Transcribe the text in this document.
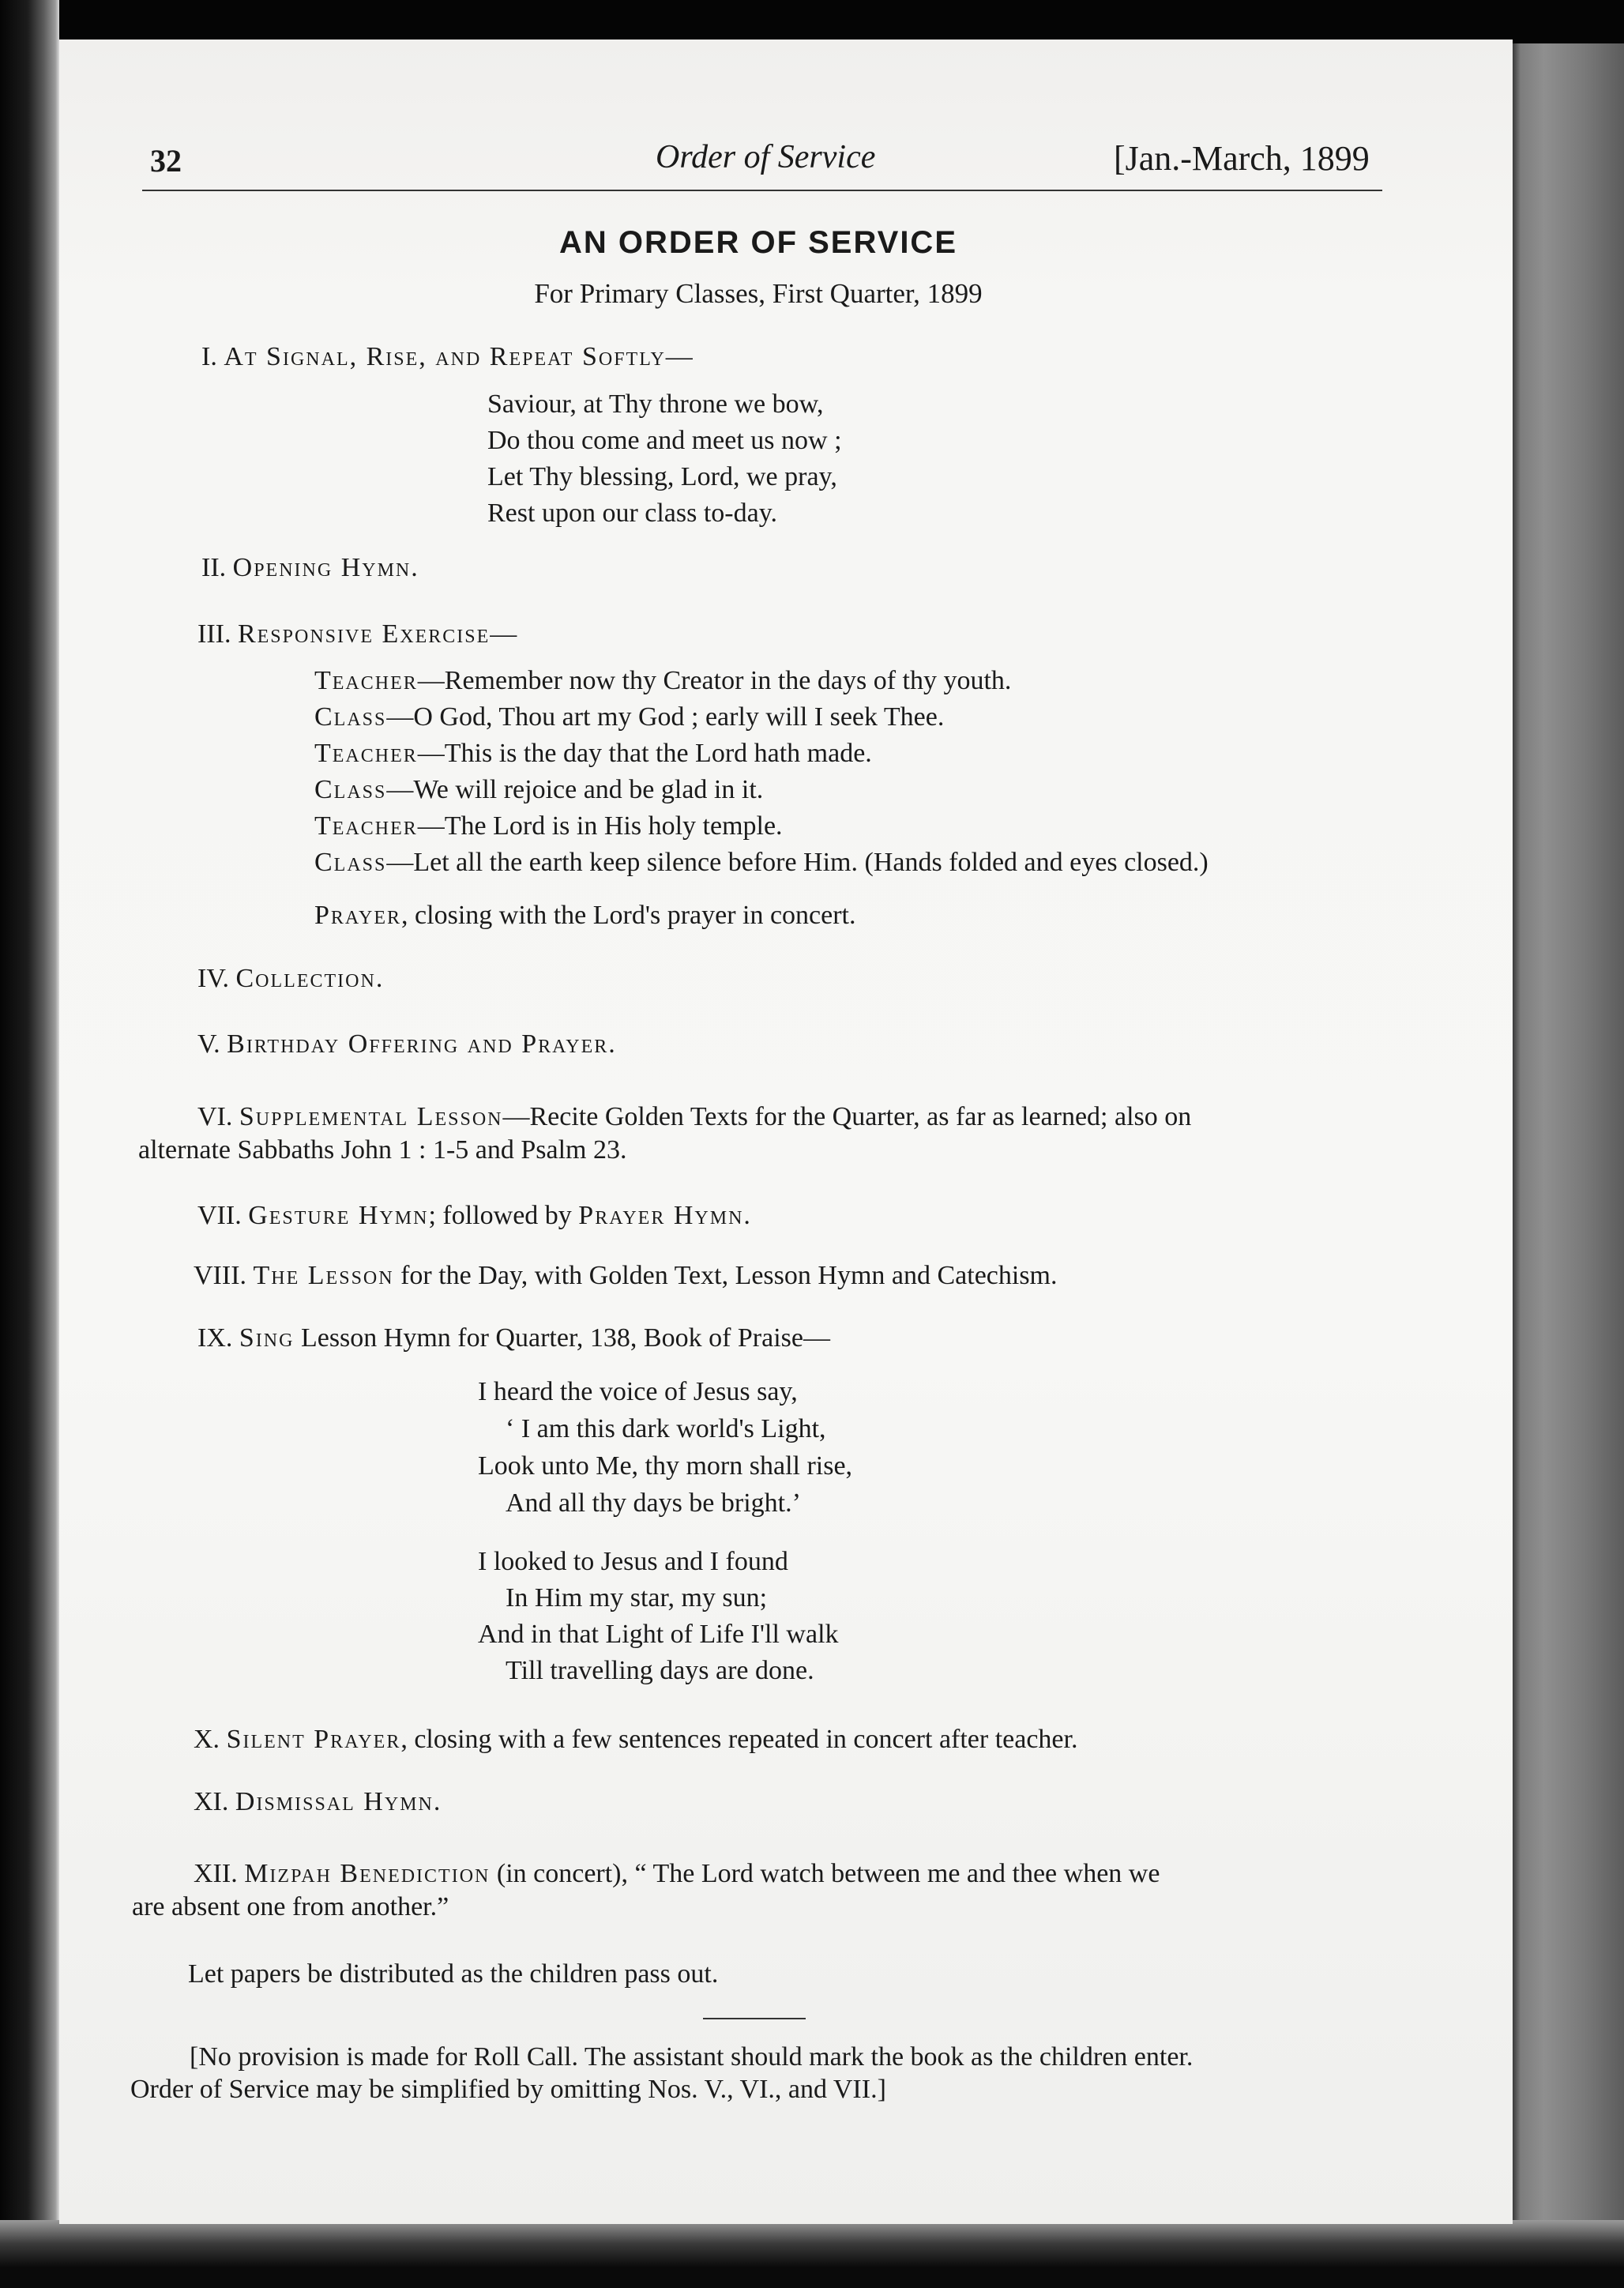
32	Order of Service	[Jan.-March, 1899
AN ORDER OF SERVICE
For Primary Classes, First Quarter, 1899
I. At Signal, Rise, and Repeat Softly—
Saviour, at Thy throne we bow,
Do thou come and meet us now ;
Let Thy blessing, Lord, we pray,
Rest upon our class to-day.
II. Opening Hymn.
III. Responsive Exercise—
Teacher—Remember now thy Creator in the days of thy youth.
Class—O God, Thou art my God ; early will I seek Thee.
Teacher—This is the day that the Lord hath made.
Class—We will rejoice and be glad in it.
Teacher—The Lord is in His holy temple.
Class—Let all the earth keep silence before Him. (Hands folded and eyes closed.)
Prayer, closing with the Lord's prayer in concert.
IV. Collection.
V. Birthday Offering and Prayer.
VI. Supplemental Lesson—Recite Golden Texts for the Quarter, as far as learned; also on
alternate Sabbaths John 1 : 1-5 and Psalm 23.
VII. Gesture Hymn; followed by Prayer Hymn.
VIII. The Lesson for the Day, with Golden Text, Lesson Hymn and Catechism.
IX. Sing Lesson Hymn for Quarter, 138, Book of Praise—
I heard the voice of Jesus say,
‘ I am this dark world's Light,
Look unto Me, thy morn shall rise,
And all thy days be bright.’
I looked to Jesus and I found
In Him my star, my sun;
And in that Light of Life I'll walk
Till travelling days are done.
X. Silent Prayer, closing with a few sentences repeated in concert after teacher.
XI. Dismissal Hymn.
XII. Mizpah Benediction (in concert), “ The Lord watch between me and thee when we
are absent one from another.”
Let papers be distributed as the children pass out.
[No provision is made for Roll Call. The assistant should mark the book as the children enter.
Order of Service may be simplified by omitting Nos. V., VI., and VII.]
